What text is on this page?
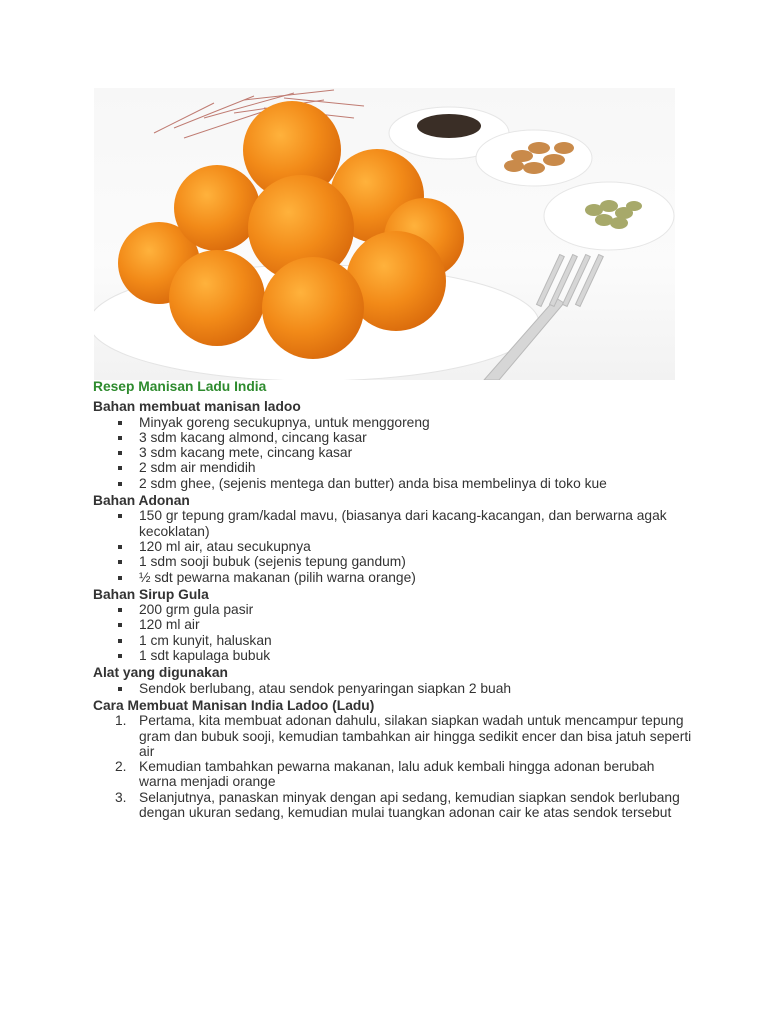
Resep Manisan Ladu India
Bahan membuat manisan ladoo
Minyak goreng secukupnya, untuk menggoreng
3 sdm kacang almond, cincang kasar
3 sdm kacang mete, cincang kasar
2 sdm air mendidih
2 sdm ghee, (sejenis mentega dan butter) anda bisa membelinya di toko kue
Bahan Adonan
150 gr tepung gram/kadal mavu, (biasanya dari kacang-kacangan, dan berwarna agak kecoklatan)
120 ml air, atau secukupnya
1 sdm sooji bubuk (sejenis tepung gandum)
½ sdt pewarna makanan (pilih warna orange)
Bahan Sirup Gula
200 grm gula pasir
120 ml air
1 cm kunyit, haluskan
1 sdt kapulaga bubuk
Alat yang digunakan
Sendok berlubang, atau sendok penyaringan siapkan 2 buah
Cara Membuat Manisan India Ladoo (Ladu)
1. Pertama, kita membuat adonan dahulu, silakan siapkan wadah untuk mencampur tepung gram dan bubuk sooji, kemudian tambahkan air hingga sedikit encer dan bisa jatuh seperti air
2. Kemudian tambahkan pewarna makanan, lalu aduk kembali hingga adonan berubah warna menjadi orange
3. Selanjutnya, panaskan minyak dengan api sedang, kemudian siapkan sendok berlubang dengan ukuran sedang, kemudian mulai tuangkan adonan cair ke atas sendok tersebut
